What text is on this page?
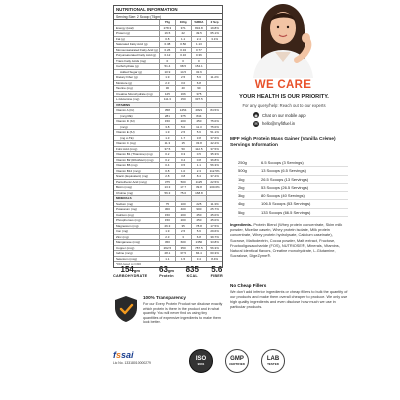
NUTRITIONAL INFORMATION
Serving Size: 2 Scoop (75gm)
75g	100g	%RDA	2 Scp
Energy (kcal)	278.3	371	834.8	19.8%
Protein (g)	16.5	22	49.5	65.1%
Fat (g)	0.8	1.1	2.4	3.1%
Saturated Fatty Acid (g)	0.38	0.50	1.13
Monounsaturated Fatty Acid (g)	0.26	0.34	0.77
Polyunsaturated Fatty Acid (g)	0.12	0.16	0.36
Trans Fatty Acids (mg)	0	0	0
Carbohydrate (g)	51.4	68.5	154.1
Added Sugar (g)	10.9	14.5	32.6
Dietary Fiber (g)	1.9	2.5	5.6	11.2%
Moisture (g)	2.3	3.0	6.8
Taurine (mg)	30	40	90
Creatine Monohydrate (mg)	125	166	375
L-Glutamine (mg)	111.3	150	337.5
VITAMINS
Vitamin A (IU)	358	1254	2821	84.5%
(mcg RE)	281	375	844
Vitamin D (IU)	150	200	450	75.0%
(mcg)	3.8	5.0	11.3	75.0%
Vitamin E (IU)	1.9	2.5	5.6	51.1%
(mg α-TE)	1.3	1.7	3.8	37.6%
Vitamin C (mg)	11.3	15	33.8	42.2%
Folic Acid (mcg)	37.5	50	112.5	37.5%
Vitamin B1 (Thiamine) (mg)	0.2	0.3	0.5	35.3%
Vitamin B2 (Riboflavin) (mg)	0.2	0.4	0.8	36.8%
Vitamin B6 (mg)	0.4	0.5	1.1	56.3%
Vitamin B12 (mcg)	0.8	1.0	2.3	112.5%
Niacin (Equivalent) (mg)	2.8	3.8	8.4	37.2%
Pantothenic Acid (mcg)	375	500	1125	22.5%
Biotin (mcg)	13.3	17.7	39.8	100.0%
Choline (mg)	56.3	75.0	168.8
MINERALS
Sodium (mg)	75	100	225	11.3%
Potassium (mg)	300	400	900	25.7%
Calcium (mg)	150	200	450	45.0%
Phosphorous (mg)	150	200	450	45.0%
Magnesium (mg)	26.3	35	78.8	17.5%
Iron (mg)	1.9	2.5	5.6	29.6%
Zinc (mg)	2.3	3	6.8	39.7%
Manganese (mcg)	450	600	1350	33.8%
Copper (mcg)	262.5	350	787.5	56.3%
Iodine (mcg)	28.1	37.5	84.4	60.3%
Selenium (mcg)	1.1	1.5	3.4	8.4%
*RDA based on ICMR
154gm
CARBOHYDRATE
63gm
Protein
835
KCAL
5.6
FIBER
100% Transparency
For our Every Protein Product we disclose exactly which protein is there in the product and in what quantity. You will never find us using tiny quantities of expensive ingredients to make them look better.
fssai
Lic No. 13318010000279
ISO
9001
GMP
CERTIFIED
LAB
TESTED
WE CARE
YOUR HEALTH IS OUR PRIORITY.
For any query/help: Reach out to our experts
◉ Chat on our mobile app
✉	hello@myfitfuel.in
MFF High Protein Mass Gainer (Vanilla Crème) Servings Information
250g	6.5 Scoops (3 Servings)
500g	13 Scoops (6.5 Servings)
1kg	26.5 Scoops (13 Servings)
2kg	53 Scoops (26.5 Servings)
3kg	80 Scoops (40 Servings)
4kg	106.5 Scoops (53 Servings)
5kg	133 Scoops (66.5 Servings)
Ingredients- Protein Blend (Whey protein concentrate, Skim milk powder, Micellar casein, Whey protein isolate, Milk protein concentrate, Whey protein hydrolysate, Calcium caseinate), Sucrose, Maltodextrin, Cocoa powder, Malt extract, Fructose, Fructooligosaccharide (FOS), NUTRIOSE®, Minerals, Vitamins, Natural identical flavors, Creatine monohydrate, L-Glutamine, Sucralose, DigeZyme®.
No Cheap Fillers
We don't add inferior ingredients or cheap fillers to bulk the quantity of our products and make them overall cheaper to produce. We only use high quality ingredients and even disclose how much we use in particular products.
